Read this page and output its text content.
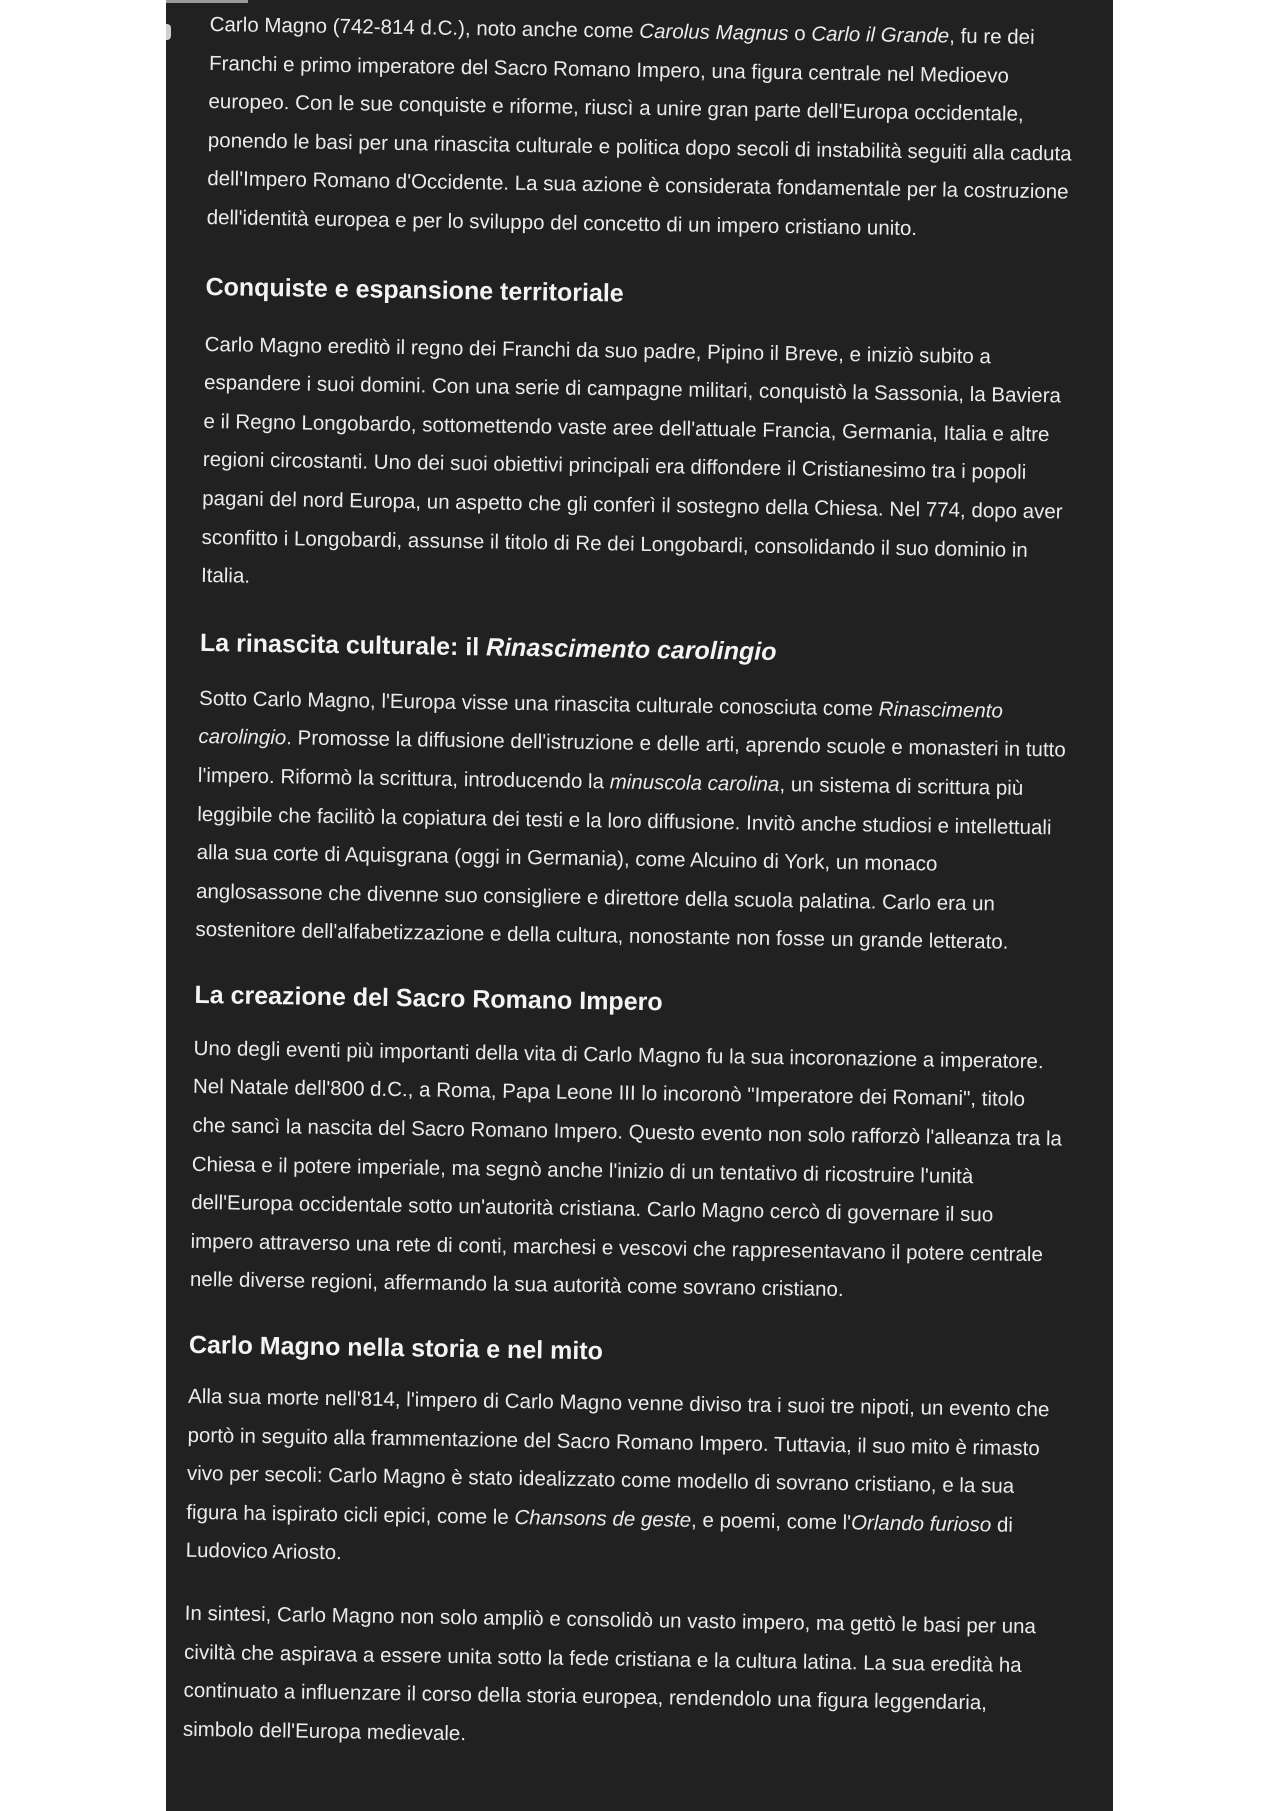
Carlo Magno (742-814 d.C.), noto anche come Carolus Magnus o Carlo il Grande, fu re dei Franchi e primo imperatore del Sacro Romano Impero, una figura centrale nel Medioevo europeo. Con le sue conquiste e riforme, riuscì a unire gran parte dell'Europa occidentale, ponendo le basi per una rinascita culturale e politica dopo secoli di instabilità seguiti alla caduta dell'Impero Romano d'Occidente. La sua azione è considerata fondamentale per la costruzione dell'identità europea e per lo sviluppo del concetto di un impero cristiano unito.

Conquiste e espansione territoriale

Carlo Magno ereditò il regno dei Franchi da suo padre, Pipino il Breve, e iniziò subito a espandere i suoi domini. Con una serie di campagne militari, conquistò la Sassonia, la Baviera e il Regno Longobardo, sottomettendo vaste aree dell'attuale Francia, Germania, Italia e altre regioni circostanti. Uno dei suoi obiettivi principali era diffondere il Cristianesimo tra i popoli pagani del nord Europa, un aspetto che gli conferì il sostegno della Chiesa. Nel 774, dopo aver sconfitto i Longobardi, assunse il titolo di Re dei Longobardi, consolidando il suo dominio in Italia.

La rinascita culturale: il Rinascimento carolingio

Sotto Carlo Magno, l'Europa visse una rinascita culturale conosciuta come Rinascimento carolingio. Promosse la diffusione dell'istruzione e delle arti, aprendo scuole e monasteri in tutto l'impero. Riformò la scrittura, introducendo la minuscola carolina, un sistema di scrittura più leggibile che facilitò la copiatura dei testi e la loro diffusione. Invitò anche studiosi e intellettuali alla sua corte di Aquisgrana (oggi in Germania), come Alcuino di York, un monaco anglosassone che divenne suo consigliere e direttore della scuola palatina. Carlo era un sostenitore dell'alfabetizzazione e della cultura, nonostante non fosse un grande letterato.

La creazione del Sacro Romano Impero

Uno degli eventi più importanti della vita di Carlo Magno fu la sua incoronazione a imperatore. Nel Natale dell'800 d.C., a Roma, Papa Leone III lo incoronò "Imperatore dei Romani", titolo che sancì la nascita del Sacro Romano Impero. Questo evento non solo rafforzò l'alleanza tra la Chiesa e il potere imperiale, ma segnò anche l'inizio di un tentativo di ricostruire l'unità dell'Europa occidentale sotto un'autorità cristiana. Carlo Magno cercò di governare il suo impero attraverso una rete di conti, marchesi e vescovi che rappresentavano il potere centrale nelle diverse regioni, affermando la sua autorità come sovrano cristiano.

Carlo Magno nella storia e nel mito

Alla sua morte nell'814, l'impero di Carlo Magno venne diviso tra i suoi tre nipoti, un evento che portò in seguito alla frammentazione del Sacro Romano Impero. Tuttavia, il suo mito è rimasto vivo per secoli: Carlo Magno è stato idealizzato come modello di sovrano cristiano, e la sua figura ha ispirato cicli epici, come le Chansons de geste, e poemi, come l'Orlando furioso di Ludovico Ariosto.

In sintesi, Carlo Magno non solo ampliò e consolidò un vasto impero, ma gettò le basi per una civiltà che aspirava a essere unita sotto la fede cristiana e la cultura latina. La sua eredità ha continuato a influenzare il corso della storia europea, rendendolo una figura leggendaria, simbolo dell'Europa medievale.
